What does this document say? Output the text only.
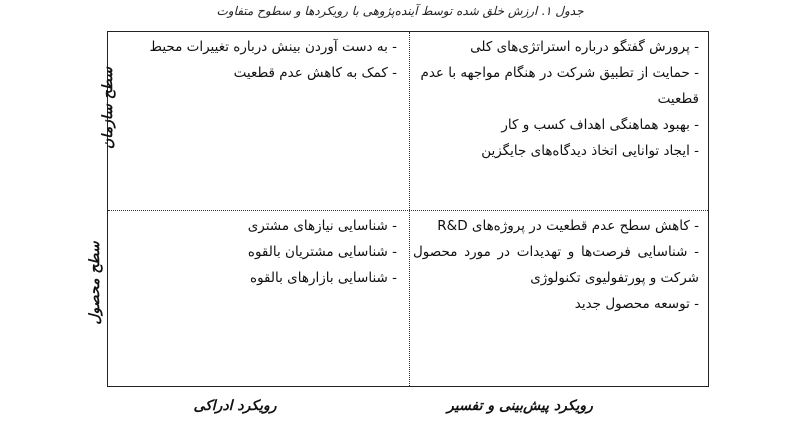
جدول ۱. ارزش خلق شده توسط آینده‌پژوهی با رویکردها و سطوح متفاوت
- پرورش گفتگو درباره استراتژی‌های کلی
- حمایت از تطبیق شرکت در هنگام مواجهه با عدم قطعیت
- بهبود هماهنگی اهداف کسب و کار
- ایجاد توانایی اتخاذ دیدگاه‌های جایگزین
- به دست آوردن بینش درباره تغییرات محیط
- کمک به کاهش عدم قطعیت
- کاهش سطح عدم قطعیت در پروژه‌های R&D
- شناسایی فرصت‌ها و تهدیدات در مورد محصول شرکت و پورتفولیوی تکنولوژی
- توسعه محصول جدید
- شناسایی نیازهای مشتری
- شناسایی مشتریان بالقوه
- شناسایی بازارهای بالقوه
سطح سازمان
سطح محصول
رویکرد پیش‌بینی و تفسیر
رویکرد ادراکی
